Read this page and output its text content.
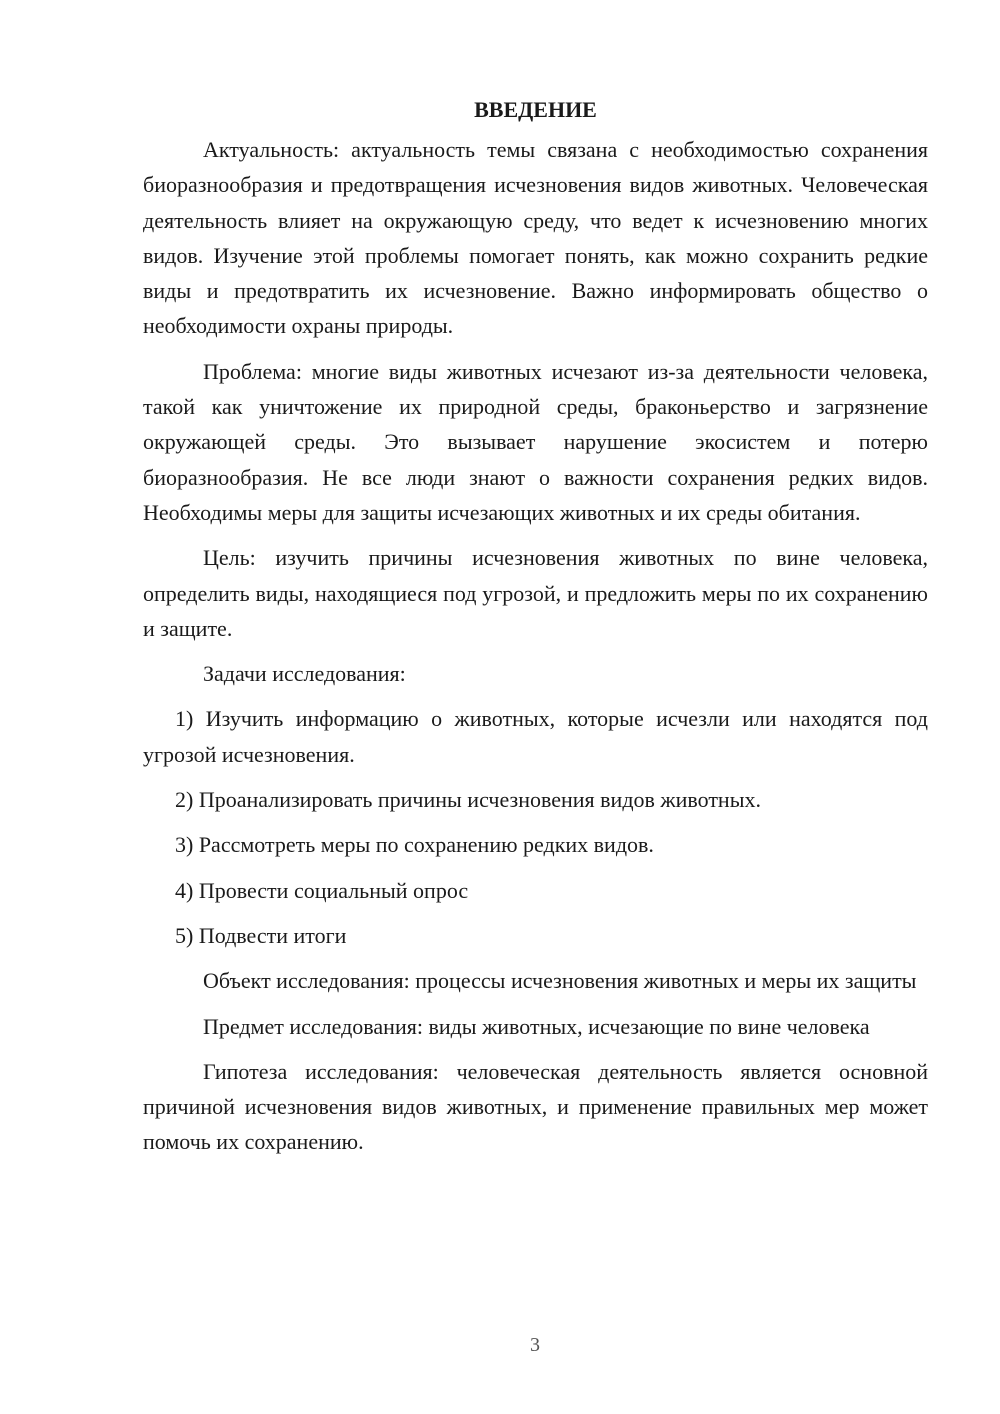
ВВЕДЕНИЕ

Актуальность: актуальность темы связана с необходимостью сохранения биоразнообразия и предотвращения исчезновения видов животных. Человеческая деятельность влияет на окружающую среду, что ведет к исчезновению многих видов. Изучение этой проблемы помогает понять, как можно сохранить редкие виды и предотвратить их исчезновение. Важно информировать общество о необходимости охраны природы.

Проблема: многие виды животных исчезают из-за деятельности человека, такой как уничтожение их природной среды, браконьерство и загрязнение окружающей среды. Это вызывает нарушение экосистем и потерю биоразнообразия. Не все люди знают о важности сохранения редких видов. Необходимы меры для защиты исчезающих животных и их среды обитания.

Цель: изучить причины исчезновения животных по вине человека, определить виды, находящиеся под угрозой, и предложить меры по их сохранению и защите.

Задачи исследования:

1) Изучить информацию о животных, которые исчезли или находятся под угрозой исчезновения.

2) Проанализировать причины исчезновения видов животных.

3) Рассмотреть меры по сохранению редких видов.

4) Провести социальный опрос

5) Подвести итоги

Объект исследования: процессы исчезновения животных и меры их защиты

Предмет исследования: виды животных, исчезающие по вине человека

Гипотеза исследования: человеческая деятельность является основной причиной исчезновения видов животных, и применение правильных мер может помочь их сохранению.

3
